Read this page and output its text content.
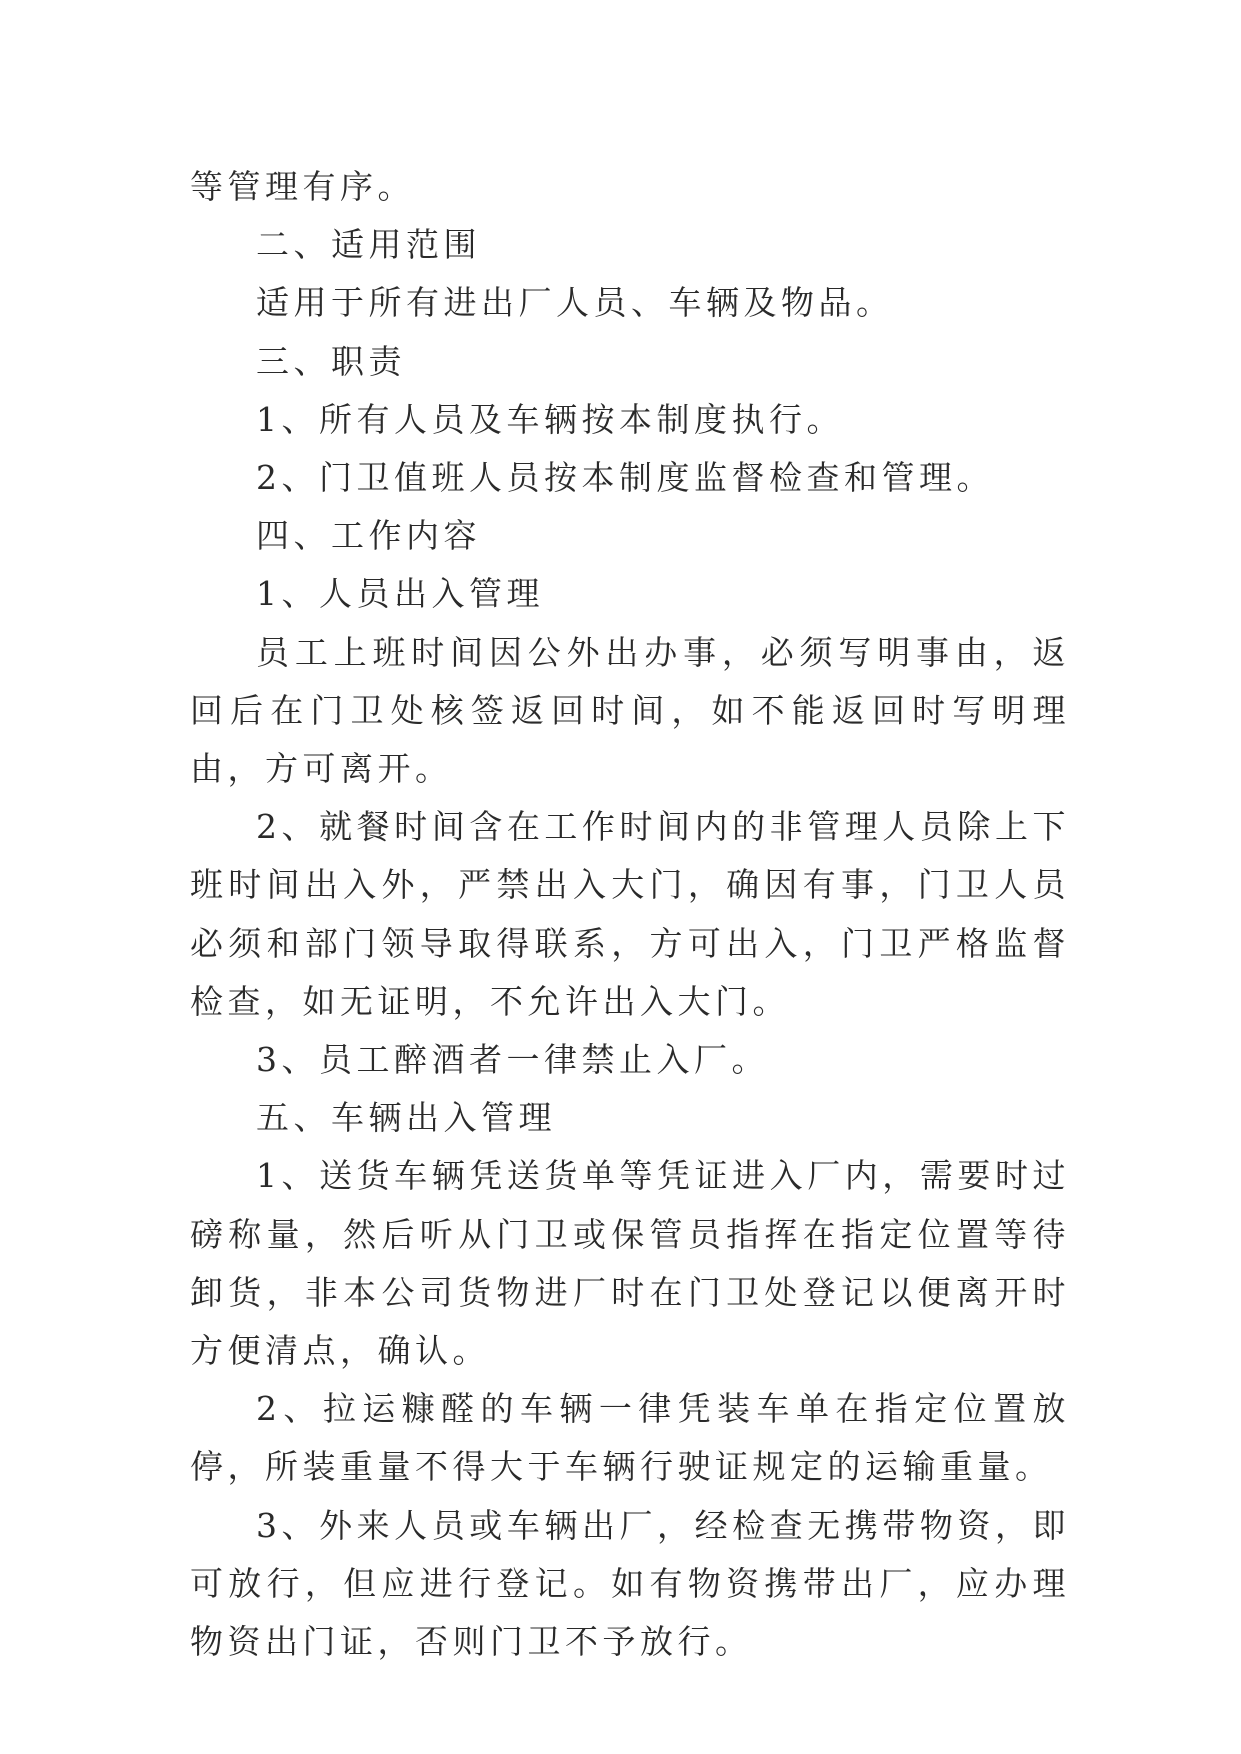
等管理有序。

二、适用范围

适用于所有进出厂人员、车辆及物品。

三、职责

1、所有人员及车辆按本制度执行。

2、门卫值班人员按本制度监督检查和管理。

四、工作内容

1、人员出入管理

员工上班时间因公外出办事，必须写明事由，返回后在门卫处核签返回时间，如不能返回时写明理由，方可离开。

2、就餐时间含在工作时间内的非管理人员除上下班时间出入外，严禁出入大门，确因有事，门卫人员必须和部门领导取得联系，方可出入，门卫严格监督检查，如无证明，不允许出入大门。

3、员工醉酒者一律禁止入厂。

五、车辆出入管理

1、送货车辆凭送货单等凭证进入厂内，需要时过磅称量，然后听从门卫或保管员指挥在指定位置等待卸货，非本公司货物进厂时在门卫处登记以便离开时方便清点，确认。

2、拉运糠醛的车辆一律凭装车单在指定位置放停，所装重量不得大于车辆行驶证规定的运输重量。

3、外来人员或车辆出厂，经检查无携带物资，即可放行，但应进行登记。如有物资携带出厂，应办理物资出门证，否则门卫不予放行。
